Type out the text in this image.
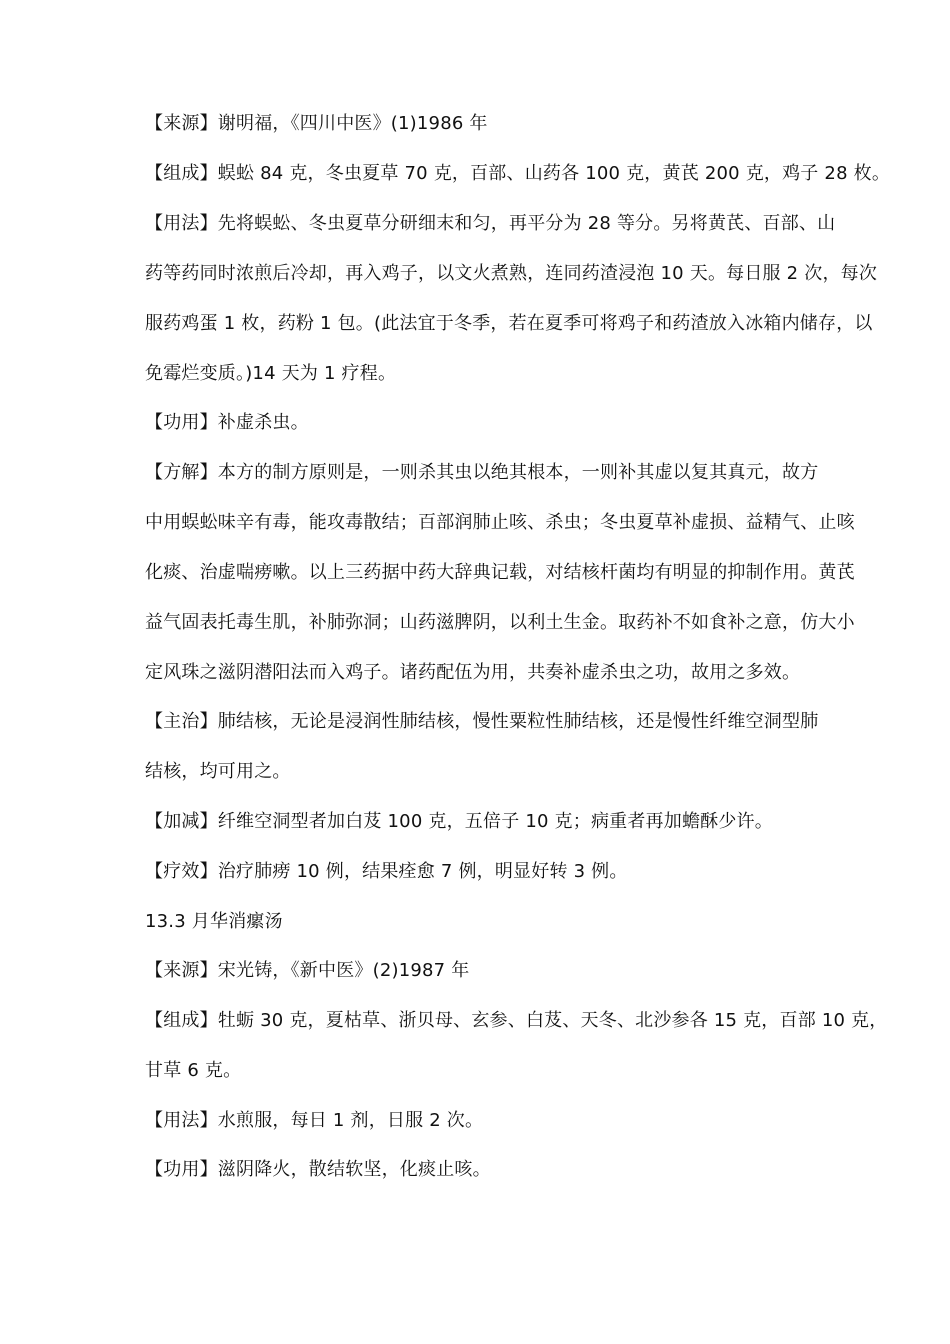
【来源】谢明福，《四川中医》(1)1986 年
【组成】蜈蚣 84 克，冬虫夏草 70 克，百部、山药各 100 克，黄芪 200 克，鸡子 28 枚。
【用法】先将蜈蚣、冬虫夏草分研细末和匀，再平分为 28 等分。另将黄芪、百部、山
药等药同时浓煎后冷却，再入鸡子，以文火煮熟，连同药渣浸泡 10 天。每日服 2 次，每次
服药鸡蛋 1 枚，药粉 1 包。(此法宜于冬季，若在夏季可将鸡子和药渣放入冰箱内储存，以
免霉烂变质。)14 天为 1 疗程。
【功用】补虚杀虫。
【方解】本方的制方原则是，一则杀其虫以绝其根本，一则补其虚以复其真元，故方
中用蜈蚣味辛有毒，能攻毒散结；百部润肺止咳、杀虫；冬虫夏草补虚损、益精气、止咳
化痰、治虚喘痨嗽。以上三药据中药大辞典记载，对结核杆菌均有明显的抑制作用。黄芪
益气固表托毒生肌，补肺弥洞；山药滋脾阴，以利土生金。取药补不如食补之意，仿大小
定风珠之滋阴潜阳法而入鸡子。诸药配伍为用，共奏补虚杀虫之功，故用之多效。
【主治】肺结核，无论是浸润性肺结核，慢性粟粒性肺结核，还是慢性纤维空洞型肺
结核，均可用之。
【加减】纤维空洞型者加白芨 100 克，五倍子 10 克；病重者再加蟾酥少许。
【疗效】治疗肺痨 10 例，结果痊愈 7 例，明显好转 3 例。
13.3 月华消瘰汤
【来源】宋光铸，《新中医》(2)1987 年
【组成】牡蛎 30 克，夏枯草、浙贝母、玄参、白芨、天冬、北沙参各 15 克，百部 10 克，
甘草 6 克。
【用法】水煎服，每日 1 剂，日服 2 次。
【功用】滋阴降火，散结软坚，化痰止咳。
